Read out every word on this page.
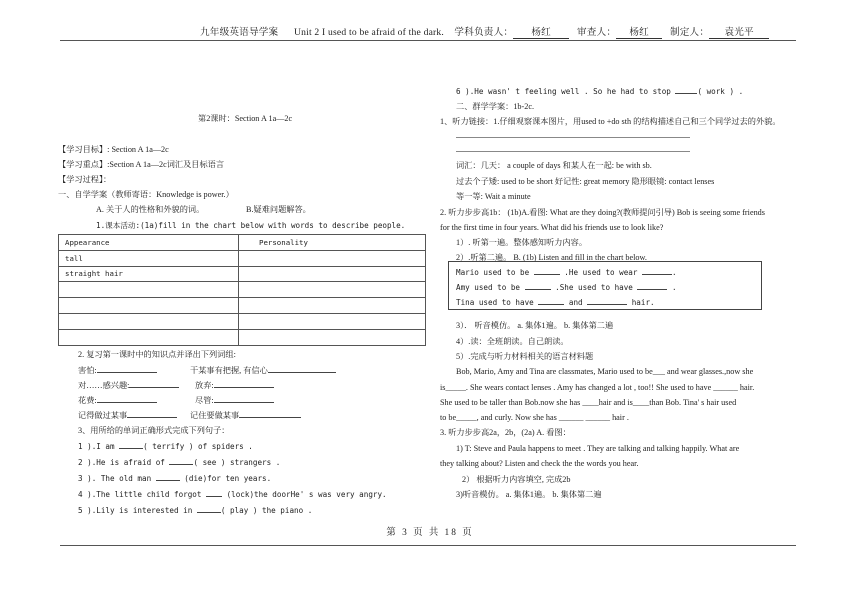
九年级英语导学案 Unit 2 I used to be afraid of the dark. 学科负责人： 杨红	审查人： 杨红 制定人： 袁光平
第2课时：Section A 1a—2c
【学习目标】: Section A 1a—2c
【学习重点】:Section A 1a—2c词汇及目标语言
【学习过程】：
一、自学学案（教师寄语：Knowledge is power.）
A. 关于人的性格和外貌的词。	B.疑难问题解答。
1.课本活动:(1a)fill in the chart below with words to describe people.
Appearance	Personality
tall	
straight hair	

2. 复习第一课时中的知识点并译出下列词组:
害怕:	干某事有把握, 有信心
对……感兴趣:	放弃:
花费:	尽管:
记得做过某事	记住要做某事
3、用所给的单词正确形式完成下列句子：
1 ).I am	( terrify ) of spiders .
2 ).He is afraid of	( see ) strangers .
3 ). The old man	(die)for ten years.
4 ).The little child forgot  (lock)the doorHe' s was very angry.
5 ).Lily is interested in	( play ) the piano .
6 ).He wasn' t feeling well . So he had to stop	( work ) .
二、群学学案：1b-2c.
1、听力链接：1.仔细观察课本图片，用used to +do sth 的结构描述自己和三个同学过去的外貌。
词汇：几天： a couple of days 和某人在一起: be with sb.
过去个子矮: used to be short 好记性: great memory 隐形眼镜: contact lenses
等一等: Wait a minute
2. 听力步步高1b： (1b)A.看图: What are they doing?(教师提问引导) Bob is seeing some friends
for the first time in four years. What did his friends use to look like?
1）. 听第一遍。整体感知听力内容。
2）.听第二遍。 B. (1b) Listen and fill in the chart below.
Mario used to be	.He used to wear	.
Amy used to be	.She used to have	.
Tina used to have	and	hair.
3）． 听音模仿。 a. 集体1遍。 b. 集体第二遍
4）.读：全班朗读。自己朗读。
5）.完成与听力材料相关的语言材料题
Bob, Mario, Amy and Tina are classmates, Mario used to be___ and wear glasses.,now she
is_____. She wears contact lenses . Amy has changed a lot , too!! She used to have ______ hair.
She used to be taller than Bob.now she has ____hair and is____than Bob. Tina' s hair used
to be_____, and curly. Now she has ______ ______ hair .
3. 听力步步高2a，2b，(2a) A. 看图：
1) T: Steve and Paula happens to meet . They are talking and talking happily. What are
they talking about? Listen and check the the words you hear.
2） 根据听力内容填空, 完成2b
3)听音模仿。 a. 集体1遍。 b. 集体第二遍
第 3 页 共 18 页
